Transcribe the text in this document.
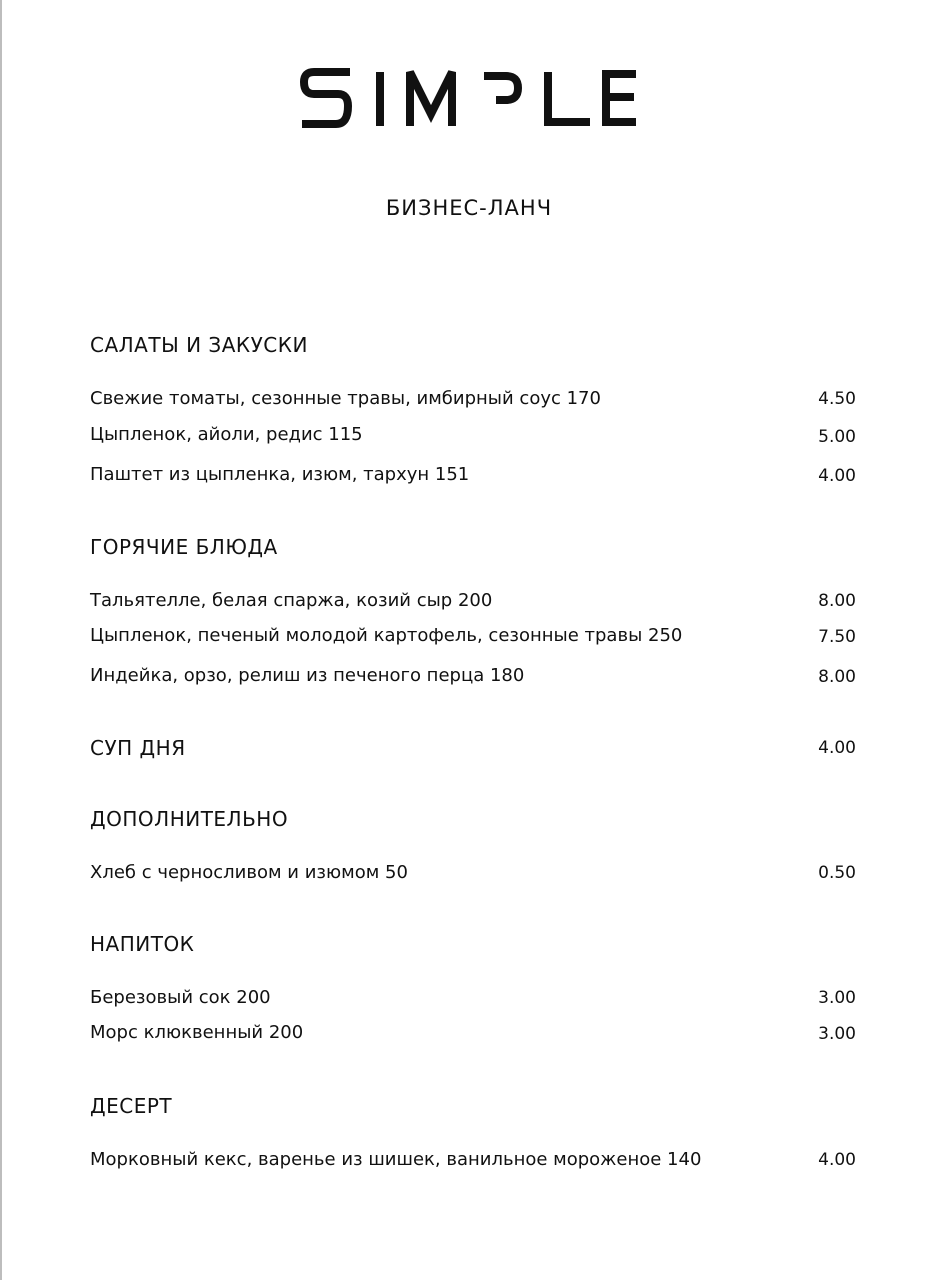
БИЗНЕС-ЛАНЧ
САЛАТЫ И ЗАКУСКИ
Свежие томаты, сезонные травы, имбирный соус 170	4.50
Цыпленок, айоли, редис 115	5.00
Паштет из цыпленка, изюм, тархун 151	4.00
ГОРЯЧИЕ БЛЮДА
Тальятелле, белая спаржа, козий сыр 200	8.00
Цыпленок, печеный молодой картофель, сезонные травы 250	7.50
Индейка, орзо, релиш из печеного перца 180	8.00
СУП ДНЯ	4.00
ДОПОЛНИТЕЛЬНО
Хлеб с черносливом и изюмом 50	0.50
НАПИТОК
Березовый сок 200	3.00
Морс клюквенный 200	3.00
ДЕСЕРТ
Морковный кекс, варенье из шишек, ванильное мороженое 140	4.00
